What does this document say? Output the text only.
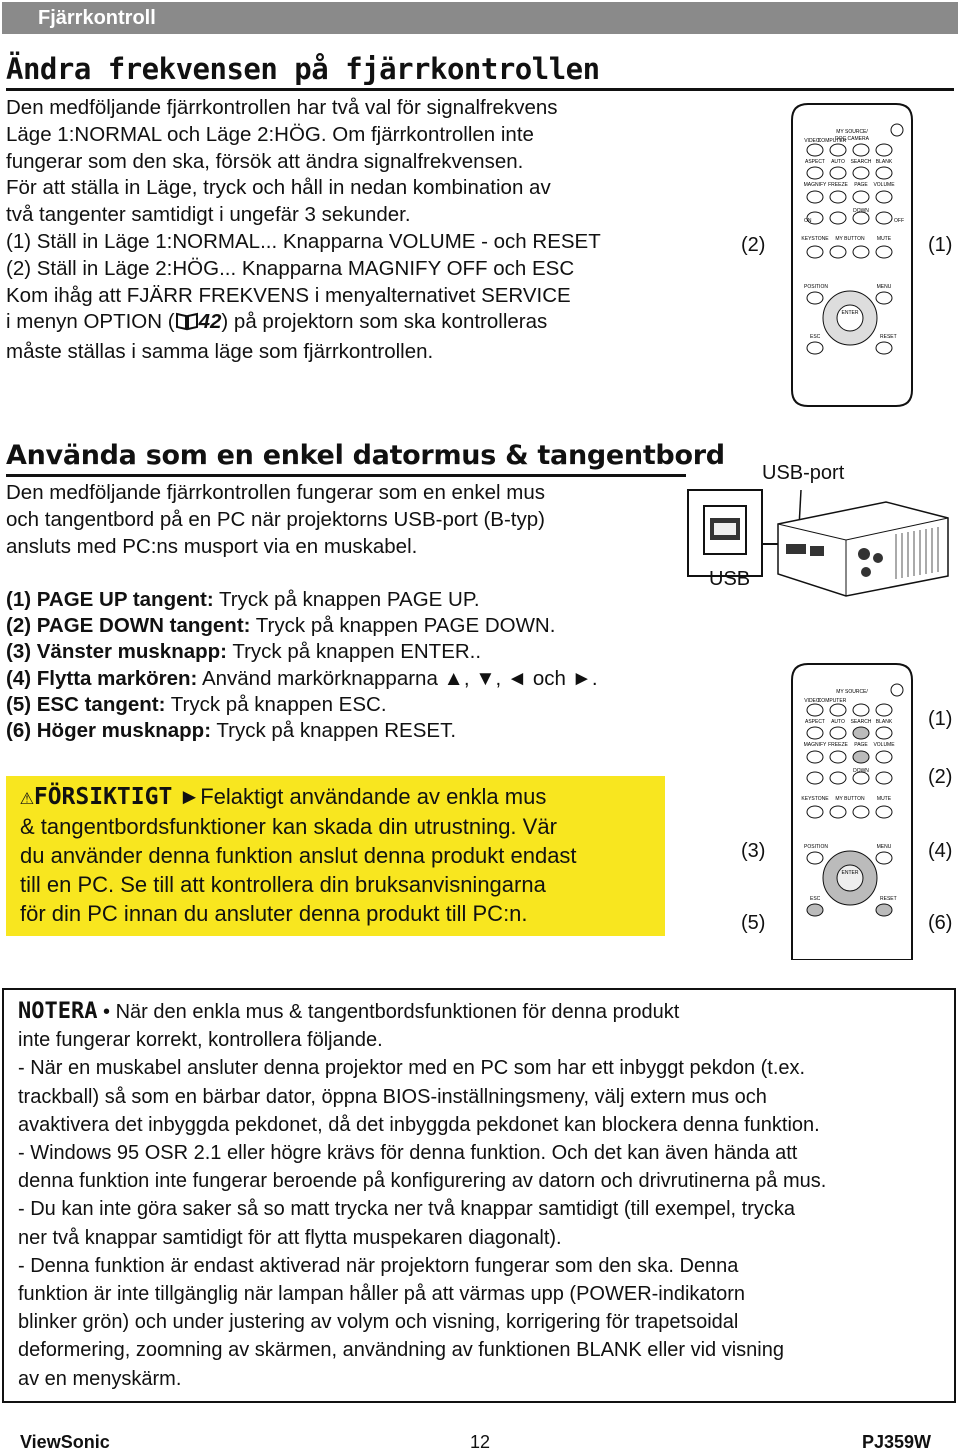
Fjärrkontroll
Ändra frekvensen på fjärrkontrollen
Den medföljande fjärrkontrollen har två val för signalfrekvens
Läge 1:NORMAL och Läge 2:HÖG. Om fjärrkontrollen inte
fungerar som den ska, försök att ändra signalfrekvensen.
För att ställa in Läge, tryck och håll in nedan kombination av
två tangenter samtidigt i ungefär 3 sekunder.
(1) Ställ in Läge 1:NORMAL... Knapparna VOLUME - och RESET
(2) Ställ in Läge 2:HÖG... Knapparna MAGNIFY OFF och ESC
Kom ihåg att FJÄRR FREKVENS i menyalternativet SERVICE
i menyn OPTION ( 42) på projektorn som ska kontrolleras
måste ställas i samma läge som fjärrkontrollen.
(2)	(1)
MY SOURCE/
DOC.CAMERA
VIDEO
COMPUTER
ASPECT AUTO SEARCH BLANK
MAGNIFY FREEZE PAGE VOLUME
ON
DOWN
OFF
KEYSTONE MY BUTTON MUTE
POSITION	MENU
ENTER
ESC	RESET
Använda som en enkel datormus & tangentbord
Den medföljande fjärrkontrollen fungerar som en enkel mus
och tangentbord på en PC när projektorns USB-port (B-typ)
ansluts med PC:ns musport via en muskabel.
(1) PAGE UP tangent: Tryck på knappen PAGE UP.
(2) PAGE DOWN tangent: Tryck på knappen PAGE DOWN.
(3) Vänster musknapp: Tryck på knappen ENTER..
(4) Flytta markören: Använd markörknapparna ▲, ▼, ◄ och ►.
(5) ESC tangent: Tryck på knappen ESC.
(6) Höger musknapp: Tryck på knappen RESET.
USB-port
USB
MY SOURCE/
VIDEO
COMPUTER
ASPECT AUTO SEARCH BLANK
MAGNIFY FREEZE PAGE VOLUME
DOWN
KEYSTONE MY BUTTON MUTE
POSITION	MENU
ENTER
ESC	RESET
(1)
(2)
(3)	(4)
(5)	(6)
⚠FÖRSIKTIGT ►Felaktigt användande av enkla mus
& tangentbordsfunktioner kan skada din utrustning. Vär
du använder denna funktion anslut denna produkt endast
till en PC. Se till att kontrollera din bruksanvisningarna
för din PC innan du ansluter denna produkt till PC:n.
NOTERA • När den enkla mus & tangentbordsfunktionen för denna produkt
inte fungerar korrekt, kontrollera följande.
- När en muskabel ansluter denna projektor med en PC som har ett inbyggt pekdon (t.ex.
trackball) så som en bärbar dator, öppna BIOS-inställningsmeny, välj extern mus och
avaktivera det inbyggda pekdonet, då det inbyggda pekdonet kan blockera denna funktion.
- Windows 95 OSR 2.1 eller högre krävs för denna funktion. Och det kan även hända att
denna funktion inte fungerar beroende på konfigurering av datorn och drivrutinerna på mus.
- Du kan inte göra saker så so matt trycka ner två knappar samtidigt (till exempel, trycka
ner två knappar samtidigt för att flytta muspekaren diagonalt).
- Denna funktion är endast aktiverad när projektorn fungerar som den ska. Denna
funktion är inte tillgänglig när lampan håller på att värmas upp (POWER-indikatorn
blinker grön) och under justering av volym och visning, korrigering för trapetsoidal
deformering, zoomning av skärmen, användning av funktionen BLANK eller vid visning
av en menyskärm.
ViewSonic	12	PJ359W
